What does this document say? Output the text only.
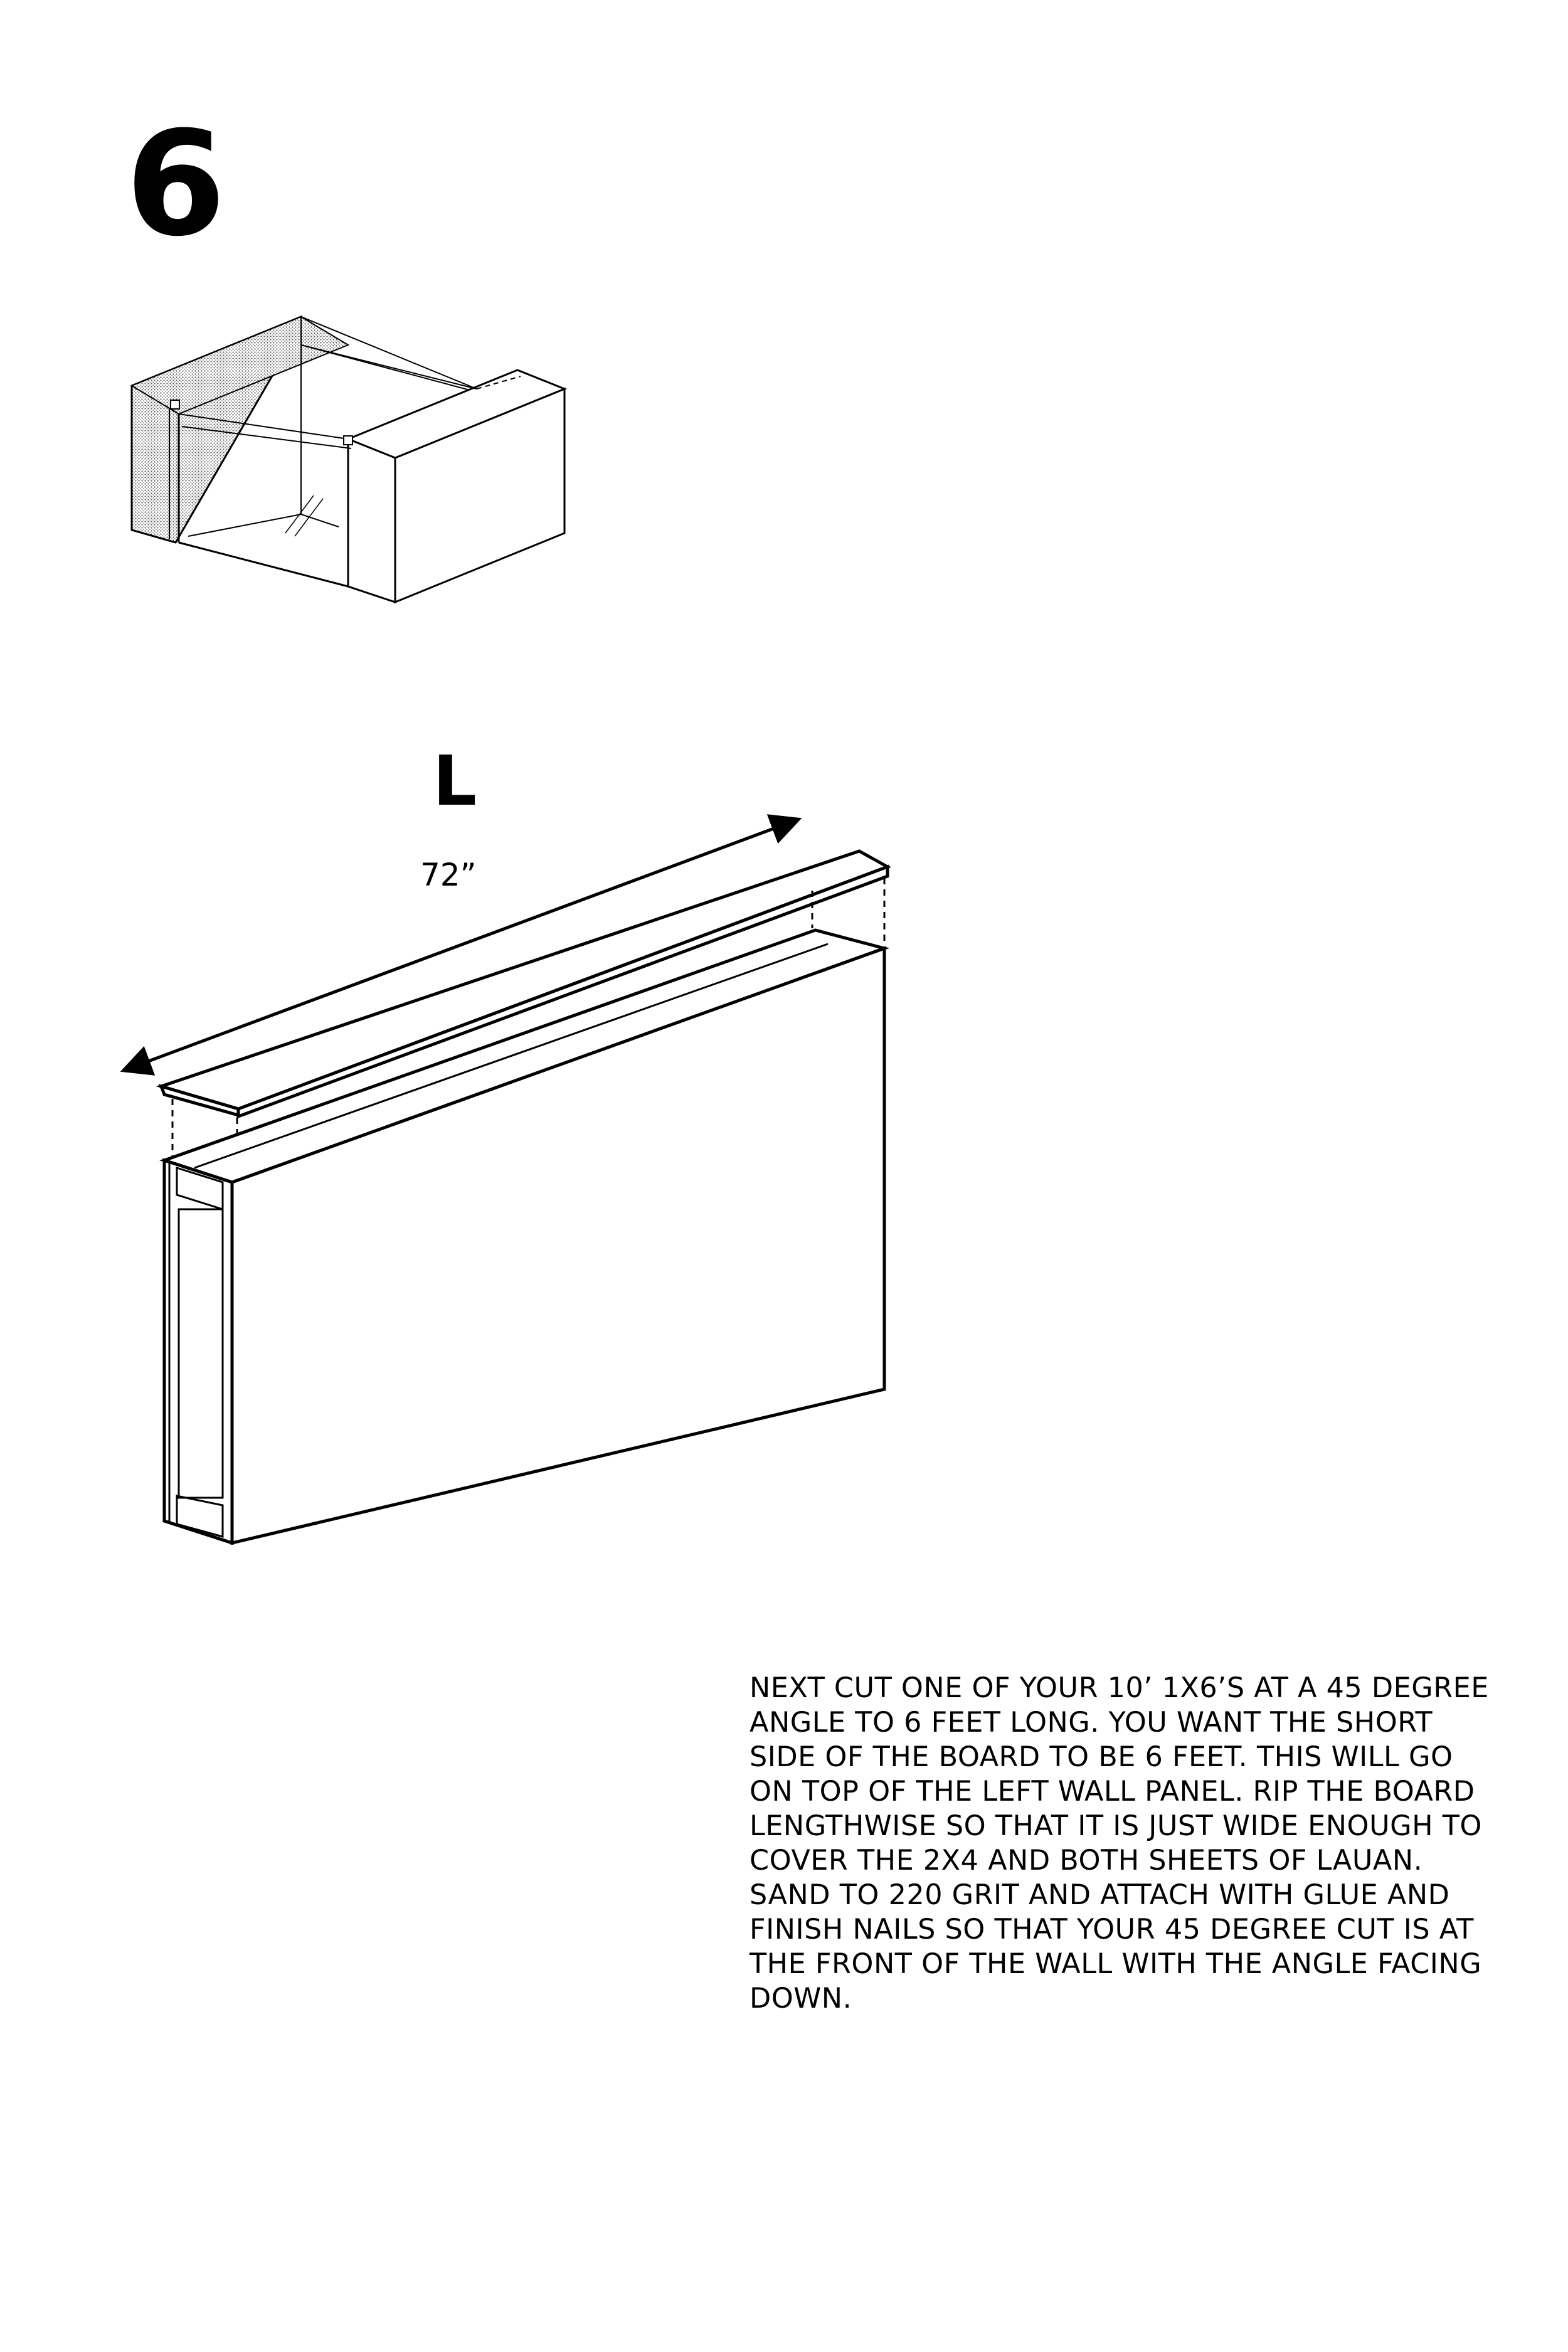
6
L
72”

NEXT CUT ONE OF YOUR 10’ 1X6’S AT A 45 DEGREE ANGLE TO 6 FEET LONG. YOU WANT THE SHORT SIDE OF THE BOARD TO BE 6 FEET. THIS WILL GO ON TOP OF THE LEFT WALL PANEL. RIP THE BOARD LENGTHWISE SO THAT IT IS JUST WIDE ENOUGH TO COVER THE 2X4 AND BOTH SHEETS OF LAUAN. SAND TO 220 GRIT AND ATTACH WITH GLUE AND FINISH NAILS SO THAT YOUR 45 DEGREE CUT IS AT THE FRONT OF THE WALL WITH THE ANGLE FACING DOWN.
